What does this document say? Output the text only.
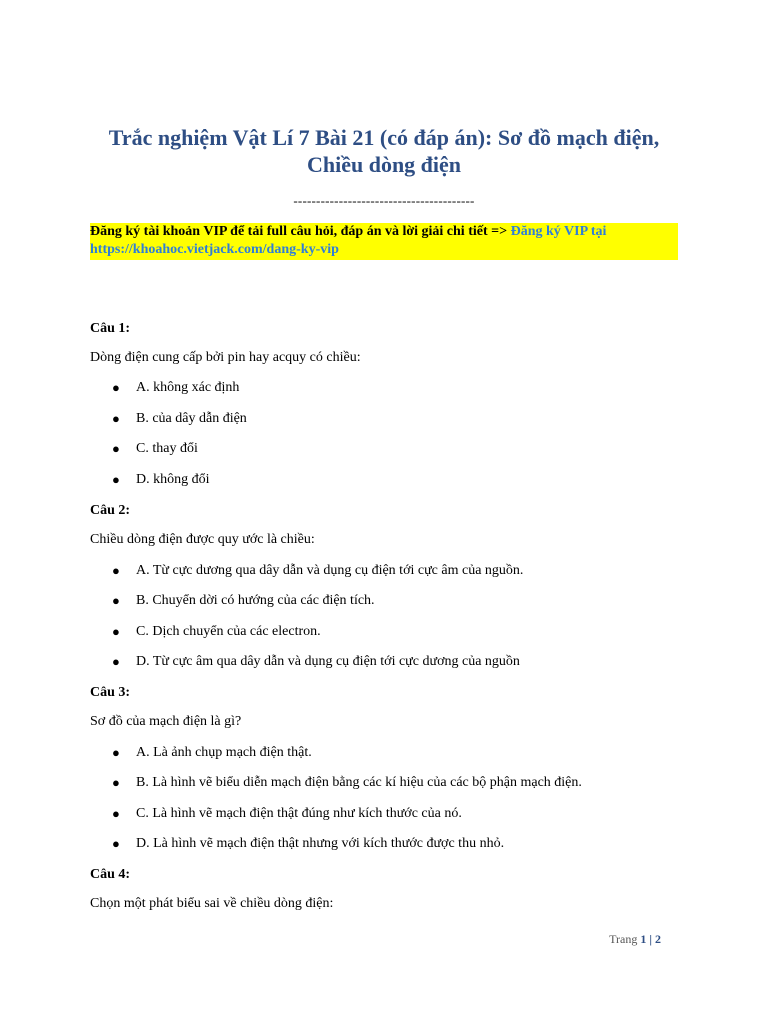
Trắc nghiệm Vật Lí 7 Bài 21 (có đáp án): Sơ đồ mạch điện,
Chiều dòng điện
----------------------------------------
Đăng ký tài khoản VIP để tải full câu hỏi, đáp án và lời giải chi tiết => Đăng ký VIP tại https://khoahoc.vietjack.com/dang-ky-vip
Câu 1:
Dòng điện cung cấp bởi pin hay acquy có chiều:
● A. không xác định
● B. của dây dẫn điện
● C. thay đổi
● D. không đổi
Câu 2:
Chiều dòng điện được quy ước là chiều:
● A. Từ cực dương qua dây dẫn và dụng cụ điện tới cực âm của nguồn.
● B. Chuyển dời có hướng của các điện tích.
● C. Dịch chuyển của các electron.
● D. Từ cực âm qua dây dẫn và dụng cụ điện tới cực dương của nguồn
Câu 3:
Sơ đồ của mạch điện là gì?
● A. Là ảnh chụp mạch điện thật.
● B. Là hình vẽ biểu diễn mạch điện bằng các kí hiệu của các bộ phận mạch điện.
● C. Là hình vẽ mạch điện thật đúng như kích thước của nó.
● D. Là hình vẽ mạch điện thật nhưng với kích thước được thu nhỏ.
Câu 4:
Chọn một phát biểu sai về chiều dòng điện:
Trang 1 | 2
